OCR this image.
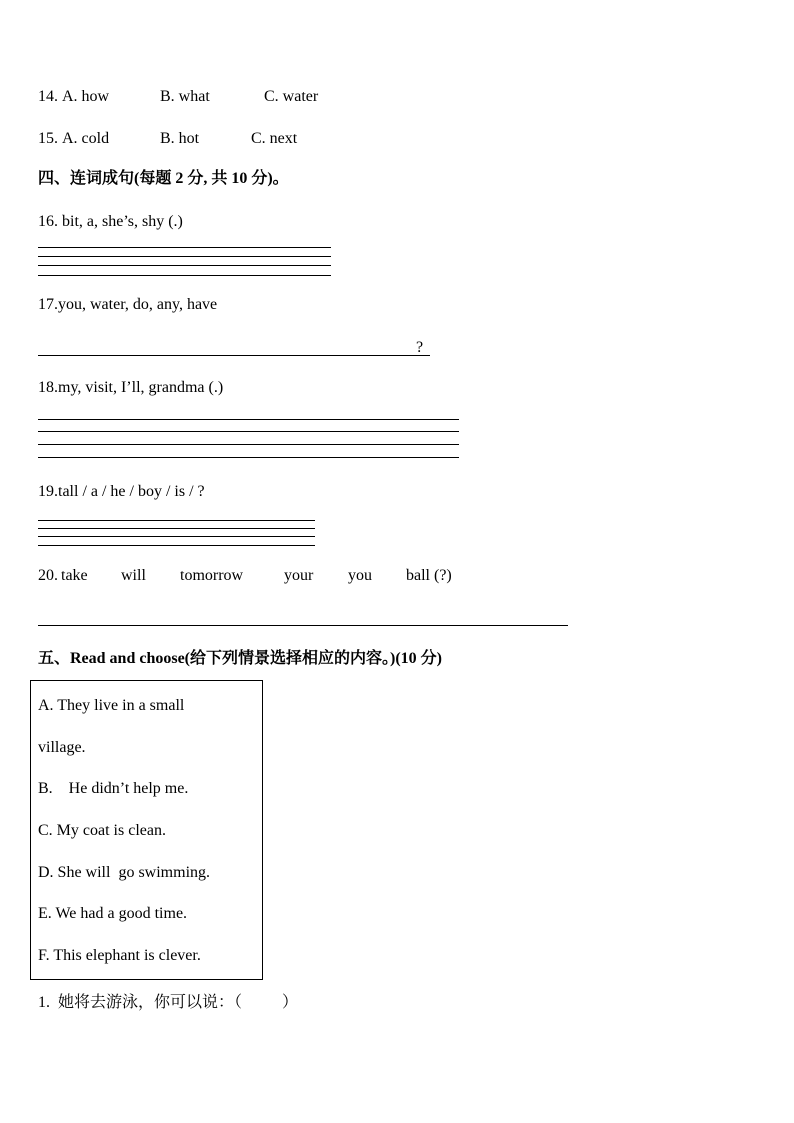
14. A. how	B. what	C. water
15. A. cold	B. hot	C. next
四、连词成句(每题 2 分, 共 10 分)。
16. bit, a, she’s, shy (.)
17.you, water, do, any, have
?
18.my, visit, I’ll, grandma (.)
19.tall / a / he / boy / is / ?
20. take will tomorrow	your you ball (?)
五、Read and choose(给下列情景选择相应的内容。)(10 分)
A. They live in a small
village.
B.    He didn’t help me.
C. My coat is clean.
D. She will  go swimming.
E. We had a good time.
F. This elephant is clever.
1.  她将去游泳，你可以说：（          ）
